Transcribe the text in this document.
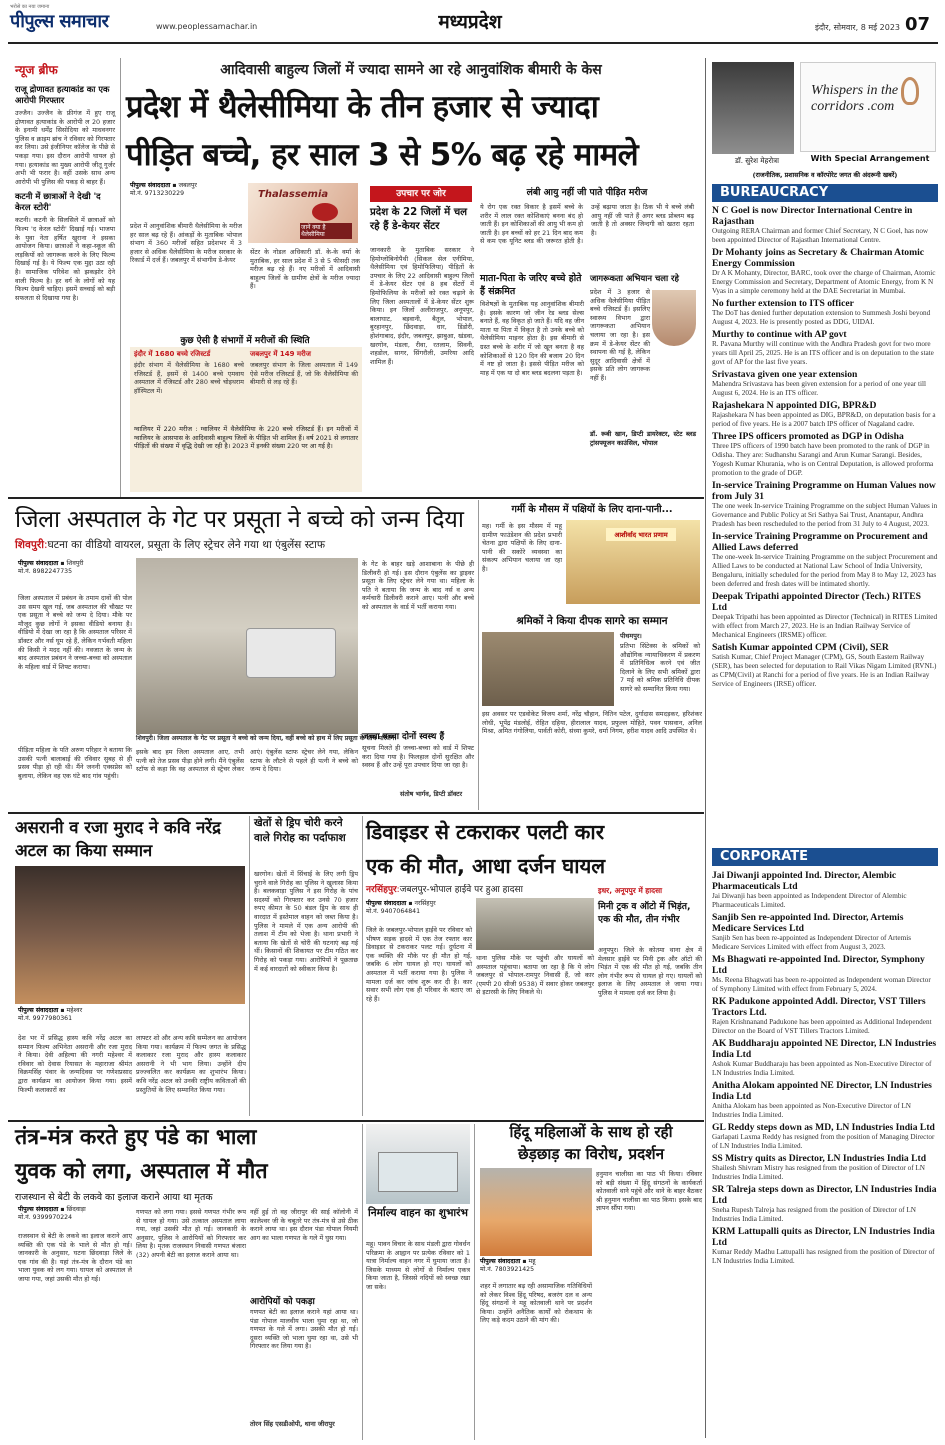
भरोसे का नया जमाना
पीपुल्स समाचार	www.peoplessamachar.in	मध्यप्रदेश	इंदौर, सोमवार, 8 मई 2023 07
न्यूज ब्रीफ
राजू द्रोणावत हत्याकांड का एक आरोपी गिरफ्तार
उज्जैन। उज्जैन के फ्रीगंज में हुए राजू द्रोणावत हत्याकांड के आरोपी ल 20 हजार के इनामी धर्मेंद्र सिसोदिया को माधवनगर पुलिस व क्राइम ब्रांच ने रविवार को गिरफ्तार कर लिया। उसे इंजीनियर कॉलेज के पीछे से पकड़ा गया। इस दौरान आरोपी घायल हो गया। हत्याकांड का मुख्य आरोपी जीतू गुर्जर अभी भी फरार है। वहीं उसके साथ अन्य आरोपी भी पुलिस की पकड़ से बाहर हैं।
कटनी में छात्राओं ने देखी 'द केरल स्टोरी'
कटनी। कटनी के सिलसिले में छात्राओं को फिल्म 'द केरल स्टोरी' दिखाई गई। भाजपा के युवा नेता हर्षित खुराना ने इसका आयोजन किया। छात्राओं ने कहा-स्कूल की लड़कियों को जागरूक करने के लिए फिल्म दिखाई गई है। ये फिल्म एक मुद्दा उठा रही है। सामाजिक परिवेश को झकझोर देने वाली फिल्म है। हर वर्ग के लोगों को यह फिल्म देखनी चाहिए। इसमें सच्चाई को बड़ी सफलता से दिखाया गया है।
आदिवासी बाहुल्य जिलों में ज्यादा सामने आ रहे आनुवांशिक बीमारी के केस
प्रदेश में थैलेसीमिया के तीन हजार से ज्यादा
पीड़ित बच्चे, हर साल 3 से 5% बढ़ रहे मामले
पीपुल्स संवाददाता ▪ जबलपुर
मो.नं. 9713230229	Thalassemia
जानें क्या है थैलेसीमिया
प्रदेश में आनुवांशिक बीमारी थैलेसीमिया के मरीज हर साल बढ़ रहे हैं। आंकड़ों के मुताबिक भोपाल संभाग में 360 मरीजों सहित प्रदेशभर में 3 हजार से अधिक थैलेसीमिया के मरीज सरकार के रिकार्ड में दर्ज हैं। जबलपुर में संभागीय डे-केयर
सेंटर के नोडल अधिकारी डॉ. के-के वर्मा के मुताबिक, हर साल प्रदेश में 3 से 5 फीसदी तक मरीज बढ़ रहे हैं। नए मरीजों में आदिवासी बाहुल्य जिलों के ग्रामीण क्षेत्रों के मरीज ज्यादा हैं।
कुछ ऐसी है संभागों में मरीजों की स्थिति
इंदौर में 1680 बच्चे रजिस्टर्ड
इंदौर संभाग में थैलेसीमिया के 1680 बच्चे रजिस्टर्ड हैं, इसमें से 1400 बच्चे एमवाय अस्पताल में रजिस्टर्ड और 280 बच्चे चोइथराम हॉस्पिटल में।
जबलपुर में 149 मरीज
जबलपुर संभाग के जिला अस्पताल में 149 ऐसे मरीज रजिस्टर्ड हैं, जो कि थैलेसीमिया की बीमारी से लड़ रहे हैं।
ग्वालियर में 220 मरीज : ग्वालियर में थैलेसीमिया के 220 बच्चे रजिस्टर्ड हैं। इन मरीजों में ग्वालियर के आसपास के आदिवासी बाहुल्य जिलों के पीड़ित भी शामिल हैं। वर्ष 2021 से लगातार पीड़ितों की संख्या में वृद्धि देखी जा रही है। 2023 में इनकी संख्या 220 पर आ गई है।
उपचार पर जोर
प्रदेश के 22 जिलों में चल रहे हैं डे-केयर सेंटर
जानकारी के मुताबिक सरकार ने हिमोग्लोबिनोपैथी (सिकल सेल एनीमिया, थैलेसीमिया एवं हिमोफिलिया) पीड़ितों के उपचार के लिए 22 आदिवासी बाहुल्य जिलों में डे-केयर सेंटर एवं 8 हब सेंटरों में हिमोफिलिया के मरीजों को रक्त चढ़ाने के लिए जिला अस्पतालों में डे-केयर सेंटर शुरू किया। इन जिलों अलीराजपुर, अनूपपुर, बालाघाट, बड़वानी, बैतूल, भोपाल, बुरहानपुर, छिंदवाड़ा, धार, डिंडोरी, होशंगाबाद, इंदौर, जबलपुर, झाबुआ, खंडवा, खरगोन, मंडला, रीवा, रतलाम, सिवनी, शहडोल, सागर, सिंगरौली, उमरिया आदि शामिल हैं।
लंबी आयु नहीं जी पाते पीड़ित मरीज
ये रोग एक रक्त विकार है इसमें बच्चे के शरीर में लाल रक्त कोशिकाएं बनना बंद हो जाती हैं। इन कोशिकाओं की आयु भी कम हो जाती है। इन बच्चों को हर 21 दिन बाद कम से कम एक यूनिट ब्लड की जरूरत होती है। उन्हें बढ़ाया जाता है। ठिक भी ये बच्चे लंबी आयु नहीं जी पाते हैं अगर ब्लड प्रोब्लम बढ़ जाती है तो अक्सर जिन्दगी को खतरा रहता है।
माता-पिता के जरिए बच्चे होते हैं संक्रमित
विशेषज्ञों के मुताबिक यह आनुवांशिक बीमारी है। इसके कारण जो जीन रेड ब्लड सेल्स बनाते हैं, वह विकृत हो जाते हैं। यदि वह जीन माता या पिता में विकृत है तो उनके बच्चे को थैलेसीमिया माइनर होता है। इस बीमारी से ग्रस्त बच्चे के शरीर में जो खून बनता है वह कोशिकाओं से 120 दिन की बजाय 20 दिन में नष्ट हो जाता है। इससे पीड़ित मरीज को माह में एक या दो बार ब्लड बदलना पड़ता है।
जागरूकता अभियान चला रहे
प्रदेश में 3 हजार से अधिक थैलेसीमिया पीड़ित बच्चे रजिस्टर्ड हैं। इसलिए स्वास्थ्य विभाग द्वारा जागरूकता अभियान चलाया जा रहा है। इस क्रम में डे-केयर सेंटर की स्थापना की गई है, लेकिन सुदूर आदिवासी क्षेत्रों में इसके प्रति लोग जागरूक नहीं हैं।
डॉ. रूबी खान, डिप्टी डायरेक्टर, स्टेट ब्लड ट्रांसफ्यूजन काउंसिल, भोपाल
Whispers in the corridors .com
डॉ. सुरेश मेहरोत्रा	With Special Arrangement
(राजनीतिक, प्रशासनिक व कॉरपोरेट जगत की अंदरूनी खबरें)
BUREAUCRACY
N C Goel is now Director International Centre in Rajasthan
Outgoing RERA Chairman and former Chief Secretary, N C Goel, has now been appointed Director of Rajasthan International Centre.
Dr Mohanty joins as Secretary & Chairman Atomic Energy Commission
Dr A K Mohanty, Director, BARC, took over the charge of Chairman, Atomic Energy Commission and Secretary, Department of Atomic Energy, from K N Vyas in a simple ceremony held at the DAE Secretariat in Mumbai.
No further extension to ITS officer
The DoT has denied further deputation extension to Summesh Joshi beyond August 4, 2023. He is presently posted as DDG, UIDAI.
Murthy to continue with AP govt
R. Pavana Murthy will continue with the Andhra Pradesh govt for two more years till April 25, 2025. He is an ITS officer and is on deputation to the state govt of AP for the last five years.
Srivastava given one year extension
Mahendra Srivastava has been given extension for a period of one year till August 6, 2024. He is an ITS officer.
Rajashekara N appointed DIG, BPR&D
Rajashekara N has been appointed as DIG, BPR&D, on deputation basis for a period of five years. He is a 2007 batch IPS officer of Nagaland cadre.
Three IPS officers promoted as DGP in Odisha
Three IPS officers of 1990 batch have been promoted to the rank of DGP in Odisha. They are: Sudhanshu Sarangi and Arun Kumar Sarangi. Besides, Yogesh Kumar Khurania, who is on Central Deputation, is allowed proforma promotion to the grade of DGP.
In-service Training Programme on Human Values now from July 31
The one week In-service Training Programme on the subject Human Values in Governance and Public Policy at Sri Sathya Sai Trust, Anantapur, Andhra Pradesh has been rescheduled to the period from 31 July to 4 August, 2023.
In-service Training Programme on Procurement and Allied Laws deferred
The one-week In-service Training Programme on the subject Procurement and Allied Laws to be conducted at National Law School of India University, Bengaluru, initially scheduled for the period from May 8 to May 12, 2023 has been deferred and fresh dates will be intimated shortly.
Deepak Tripathi appointed Director (Tech.) RITES Ltd
Deepak Tripathi has been appointed as Director (Technical) in RITES Limited with effect from March 27, 2023. He is an Indian Railway Service of Mechanical Engineers (IRSME) officer.
Satish Kumar appointed CPM (Civil), SER
Satish Kumar, Chief Project Manager (CPM), GS, South Eastern Railway (SER), has been selected for deputation to Rail Vikas Nigam Limited (RVNL) as CPM(Civil) at Ranchi for a period of five years. He is an Indian Railway Service of Engineers (IRSE) officer.
CORPORATE
Jai Diwanji appointed Ind. Director, Alembic Pharmaceuticals Ltd
Jai Diwanji has been appointed as Independent Director of Alembic Pharmaceuticals Limited.
Sanjib Sen re-appointed Ind. Director, Artemis Medicare Services Ltd
Sanjib Sen has been re-appointed as Independent Director of Artemis Medicare Services Limited with effect from August 3, 2023.
Ms Bhagwati re-appointed Ind. Director, Symphony Ltd
Ms. Reena Bhagwati has been re-appointed as Independent woman Director of Symphony Limited with effect from February 5, 2024.
RK Padukone appointed Addl. Director, VST Tillers Tractors Ltd.
Rajen Krishnanand Padukone has been appointed as Additional Independent Director on the Board of VST Tillers Tractors Limited.
AK Buddharaju appointed NE Director, LN Industries India Ltd
Ashok Kumar Buddharaju has been appointed as Non-Executive Director of LN Industries India Limited.
Anitha Alokam appointed NE Director, LN Industries India Ltd
Anitha Alokam has been appointed as Non-Executive Director of LN Industries India Limited.
GL Reddy steps down as MD, LN Industries India Ltd
Garlapati Laxma Reddy has resigned from the position of Managing Director of LN Industries India Limited.
SS Mistry quits as Director, LN Industries India Ltd
Shailesh Shivram Mistry has resigned from the position of Director of LN Industries India Limited.
SR Talreja steps down as Director, LN Industries India Ltd
Sneha Rupesh Talreja has resigned from the position of Director of LN Industries India Limited.
KRM Lattupalli quits as Director, LN Industries India Ltd
Kumar Reddy Madhu Lattupalli has resigned from the position of Director of LN Industries India Limited.
जिला अस्पताल के गेट पर प्रसूता ने बच्चे को जन्म दिया
शिवपुरी:घटना का वीडियो वायरल, प्रसूता के लिए स्ट्रेचर लेने गया था एंबुलेंस स्टाफ
पीपुल्स संवाददाता ▪ शिवपुरी
मो.नं. 8982247735
जिला अस्पताल में प्रबंधन के तमाम दावों की पोल उस समय खुल गई, जब अस्पताल की चौखट पर एक प्रसूता ने बच्चे को जन्म दे दिया। मौके पर मौजूद कुछ लोगों ने इसका वीडियो बनाया है। वीडियो में देखा जा रहा है कि अस्पताल परिसर में डॉक्टर और नर्स घूम रहे हैं, लेकिन गर्भवती महिला की किसी ने मदद नहीं की। नवजात के जन्म के बाद अस्पताल प्रबंधन ने जच्चा-बच्चा को अस्पताल के महिला वार्ड में शिफ्ट कराया।
पीड़िता महिला के पति अरुण परिहार ने बताया कि उसकी पत्नी बालाबाई की रविवार सुबह से ही प्रसव पीड़ा हो रही थी। मैंने जननी एक्सप्रेस को बुलाया, लेकिन वह एक घंटे बाद गांव पहुंची।
शिवपुरी। जिला अस्पताल के गेट पर प्रसूता ने बच्चे को जन्म दिया, वहीं बच्चे को हाथ में लिए प्रसूता के साथ परिजन।
इसके बाद हम जिला अस्पताल आए, तभी पत्नी को तेज प्रसव पीड़ा होने लगी। मैंने एंबुलेंस स्टॉफ से कहा कि वह अस्पताल से स्ट्रेचर लेकर आएं। एंबुलेंस स्टाफ स्ट्रेचर लेने गया, लेकिन स्टाफ के लौटने से पहले ही पत्नी ने बच्चे को जन्म दे दिया।
के गेट के बाहर खड़े आशाबाना के पीछे ही डिलीवरी हो गई। इस दौरान एंबुलेंस का ड्राइवर प्रसूता के लिए स्ट्रेचर लेने गया था। महिला के पति ने बताया कि जन्म के बाद नर्स व अन्य कर्मचारी डिलीवरी कराने आए। पत्नी और बच्चे को अस्पताल के वार्ड में भर्ती कराया गया।
जच्चा बच्चा दोनों स्वस्थ हैं
सूचना मिलते ही जच्चा-बच्चा को वार्ड में शिफ्ट करा दिया गया है। फिलहाल दोनों सुरक्षित और स्वस्थ हैं और उन्हें पूरा उपचार दिया जा रहा है।
संतोष भार्गव, डिप्टी डॉक्टर
गर्मी के मौसम में पक्षियों के लिए दाना-पानी...
मह। गर्मी के इस मौसम में महू ग्रामीण फाउंडेशन की प्रदेश प्रभारी चेतना द्वारा पक्षियों के लिए दाना-पानी की सकोरे व्यवस्था का संकल्प अभियान चलाया जा रहा है।
आशीर्वाद भारत प्रणाम
श्रमिकों ने किया दीपक सागरे का सम्मान
पीथमपुर।
प्रतिभा सिंटेक्स के श्रमिकों को औद्योगिक न्यायाधिकरण में प्रकरण में प्रतिनिधित्व करने एवं जीत दिलाने के लिए सभी श्रमिकों द्वारा 7 मई को श्रमिक प्रतिनिधि दीपक सागरे को सम्मानित किया गया।
इस अवसर पर एडवोकेट विजय शर्मा, नरेंद्र चौहान, नितिन पटेल, दुर्गादास समदड़कर, हरिशंकर लोधी, भूपेंद्र मंडलोई, रोहित दहिया, हीरालाल यादव, प्रफुल्ल मोहिते, पवन पासवान, अनिल मिश्रा, अमित गंगोलिया, पार्वती कोरी, संध्या कुमरे, धर्मा निगम, हरीश यादव आदि उपस्थित थे।
असरानी व रजा मुराद ने कवि नरेंद्र अटल का किया सम्मान
पीपुल्स संवाददाता ▪ महेश्वर
मो.नं. 9977980361
देश भर में प्रसिद्ध हास्य कवि नरेंद्र अटल का सम्मान फिल्म अभिनेता असरानी और रजा मुराद ने किया। देवी अहिल्या की नगरी महेश्वर में रविवार को देवास रियासत के महाराजा श्रीमंत विक्रमसिंह पंवार के जन्मदिवस पर गणेशप्रसाद द्वारा कार्यक्रम का आयोजन किया गया। इसमें फिल्मी कलाकारों का
लाफ्टर शो और अन्य कवि सम्मेलन का आयोजन किया गया। कार्यक्रम में फिल्म जगत के प्रसिद्ध कलाकार रजा मुराद और हास्य कलाकार असरानी ने भी भाग लिया। उन्होंने दीप प्रज्ज्वलित कर कार्यक्रम का शुभारंभ किया। कवि नरेंद्र अटल को उनकी राष्ट्रीय कविताओं की प्रस्तुतियों के लिए सम्मानित किया गया।
खेतों से ड्रिप चोरी करने वाले गिरोह का पर्दाफाश
खरगोन। खेतों में सिंचाई के लिए लगी ड्रिप चुराने वाले गिरोह का पुलिस ने खुलासा किया है। बलकवाड़ा पुलिस ने इस गिरोह के पांच सदस्यों को गिरफ्तार कर उनसे 70 हजार रुपए कीमत के 50 बंडल ड्रिप के साथ ही वारदात में इस्तेमाल वाहन को जब्त किया है। पुलिस ने मामले में एक अन्य आरोपी की तलाश में टीम को भेजा है। थाना प्रभारी ने बताया कि खेतों से चोरी की घटनाएं बढ़ गई थीं। किसानों की शिकायत पर टीम गठित कर गिरोह को पकड़ा गया। आरोपियों ने पूछताछ में कई वारदातों को स्वीकार किया है।
डिवाइडर से टकराकर पलटी कार
एक की मौत, आधा दर्जन घायल
नरसिंहपुर:जबलपुर-भोपाल हाईवे पर हुआ हादसा
पीपुल्स संवाददाता ▪ नरसिंहपुर
मो.नं. 9407064841
जिले के जबलपुर-भोपाल हाईवे पर रविवार को भीषण सड़क हादसे में एक तेज रफ्तार कार डिवाइडर से टकराकर पलट गई। दुर्घटना में एक व्यक्ति की मौके पर ही मौत हो गई, जबकि 6 लोग घायल हो गए। घायलों को अस्पताल में भर्ती कराया गया है। पुलिस ने मामला दर्ज कर जांच शुरू कर दी है। कार सवार सभी लोग एक ही परिवार के बताए जा रहे हैं।
थाना पुलिस मौके पर पहुंची और घायलों को अस्पताल पहुंचाया। बताया जा रहा है कि ये लोग जबलपुर से भोपाल-रामपुर निवासी हैं, जो कार (एमपी 20 सीजी 9538) में सवार होकर जबलपुर से इटारसी के लिए निकले थे।
इधर, अनूपपुर में हादसा
मिनी ट्रक व ऑटो में भिड़ंत, एक की मौत, तीन गंभीर
अनूपपुर। जिले के कोतमा थाना क्षेत्र में मेलसार हाईवे पर मिनी ट्रक और ऑटो की भिड़ंत में एक की मौत हो गई, जबकि तीन लोग गंभीर रूप से घायल हो गए। घायलों को इलाज के लिए अस्पताल ले जाया गया। पुलिस ने मामला दर्ज कर लिया है।
तंत्र-मंत्र करते हुए पंडे का भाला
युवक को लगा, अस्पताल में मौत
राजस्थान से बेटी के लकवे का इलाज कराने आया था मृतक
पीपुल्स संवाददाता ▪ छिंदवाड़ा
मो.नं. 9399970224
राजस्थान से बेटी के लकवे का इलाज कराने आए व्यक्ति की एक पंडे के भाले से मौत हो गई। जानकारी के अनुसार, घटना छिंदवाड़ा जिले के एक गांव की है। यहां तंत्र-मंत्र के दौरान पंडे का भाला युवक को लग गया। घायल को अस्पताल ले जाया गया, जहां उसकी मौत हो गई।
गणपत को लगा गया। इससे गणपत गंभीर रूप से घायल हो गया। उसे तत्काल अस्पताल लाया गया, जहां उसकी मौत हो गई। जानकारी के अनुसार, पुलिस ने आरोपियों को गिरफ्तार कर लिया है। मृतक राजस्थान निवासी गणपत बंजारा (32) अपनी बेटी का इलाज कराने आया था।
नहीं हुई तो वह जीरापुर की साई कॉलोनी में कालेश्वर जी के चबूतरे पर तंत्र-मंत्र से उसे ठीक कराने लाया था। इस दौरान पंडा गोपाल नियमी आग का भाला गणपत के गले में घुस गया।
आरोपियों को पकड़ा
गणपत बेटी का इलाज कराने यहां आया था। पंडा गोपाल मालवीय भाला घुमा रहा था, जो गणपत के गले में लगा। उसकी मौत हो गई। दूसरा व्यक्ति जो भाला घुमा रहा था, उसे भी गिरफ्तार कर लिया गया है।
तोरन सिंह एसडीओपी, थाना जीरापुर
निर्माल्य वाहन का शुभारंभ
महू। पावन विचार के साथ मंडली द्वारा गोवर्धन परिक्रमा के आह्वान पर प्रत्येक रविवार को 1 यात्रा निर्माल्य वाहन नगर में घुमाया जाता है। जिसके माध्यम से लोगों से निर्माल्य एकत्र किया जाता है, जिससे नदियों को स्वच्छ रखा जा सके।
हिंदू महिलाओं के साथ हो रही
छेड़छाड़ का विरोध, प्रदर्शन
पीपुल्स संवाददाता ▪ महू
मो.नं. 7803921425
शहर में लगातार बढ़ रही असामाजिक गतिविधियों को लेकर विश्व हिंदू परिषद, बजरंग दल व अन्य हिंदू संगठनों ने महू कोतवाली थाने पर प्रदर्शन किया। उन्होंने अनैतिक कार्यों को रोकथाम के लिए कड़े कदम उठाने की मांग की।
हनुमान चालीसा का पाठ भी किया। रविवार को बड़ी संख्या में हिंदू संगठनों के कार्यकर्ता कोतवाली थाने पहुंचे और थाने के बाहर बैठकर श्री हनुमान चालीसा का पाठ किया। इसके बाद ज्ञापन सौंपा गया।
